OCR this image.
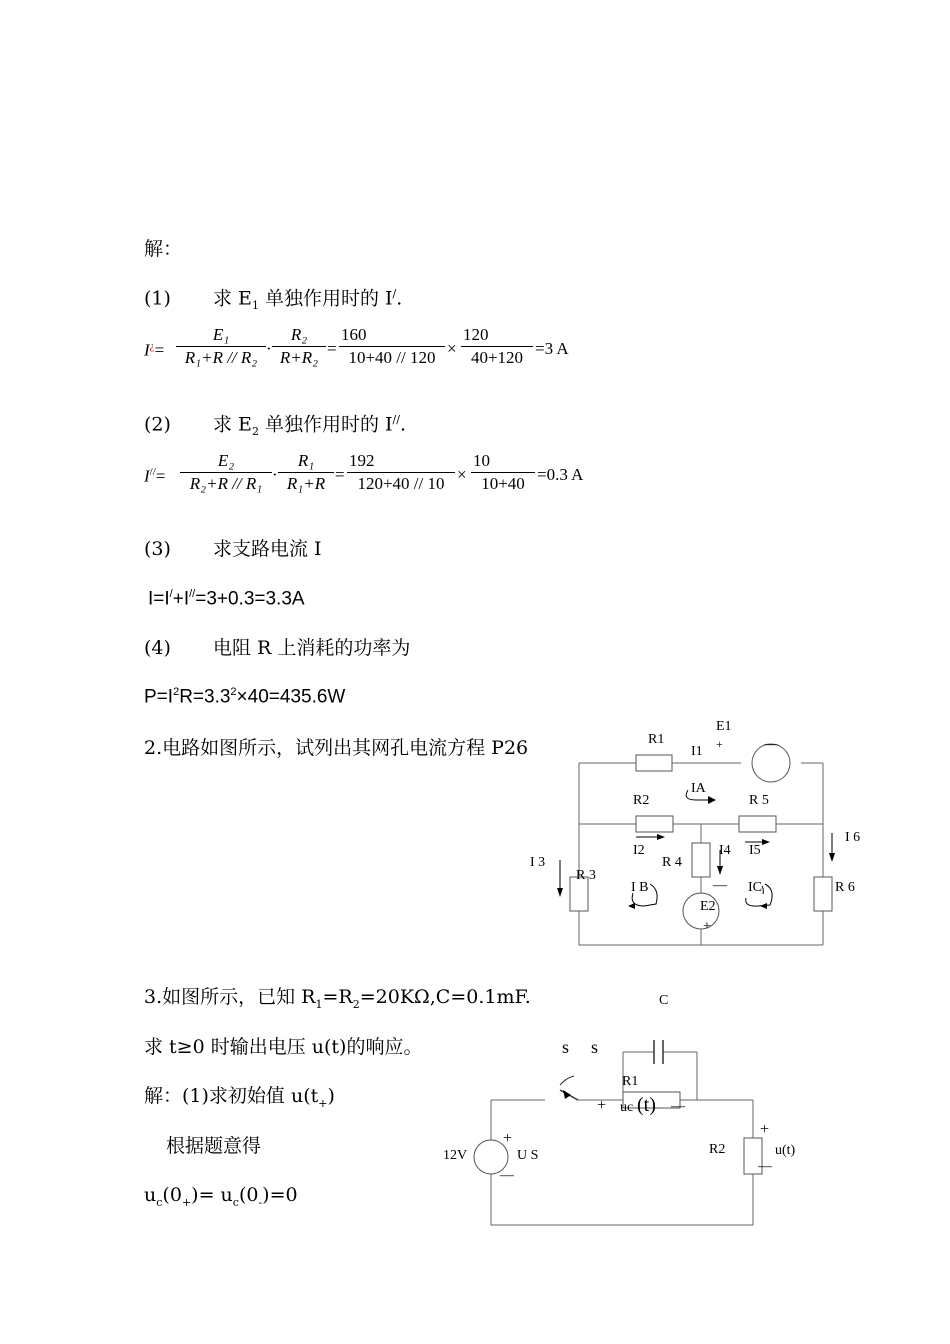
解：
(1) 求 $E_1$ 单独作用时的 I/.
$I^¿= \frac{\text{E₁}}{\text{R₁+R // R₂}} \cdot \frac{\text{R₂}}{\text{R+R₂}} = \frac{160}{10+40 // 120} \times \frac{120}{40+120} =3$ A
(2) 求 $E_2$ 单独作用时的 I//.
$I^{//}= \frac{\text{E₂}}{\text{R₂+R // R₁}} \cdot \frac{\text{R₁}}{\text{R₁+R}} = \frac{192}{120+40 // 10} \times \frac{10}{10+40} =0.3$ A
(3) 求支路电流 I
I=I/+I//=3+0.3=3.3A
(4) 电阻 R 上消耗的功率为
$P=I^2R=3.3^2\times 40=435.6W$
2.电路如图所示，试列出其网孔电流方程 P26	R1
E1
I1 +	—
IA
R2	R 5
I 6
I2
R 4
I4 I5
I 3
R 3
I B	IC
—
E2
+
R 6
3.如图所示，已知 $R_1=R_2=20K\Omega,C=0.1mF$.
求 t≥0 时输出电压 u(t)的响应。
解：(1)求初始值 $u(t_+)$
根据题意得
$u_c(0_+)= u_c(0_-)=0$
C
s s
R1
+ uc (t) —
12V
+
U S
—
R2
+
u(t)
—
